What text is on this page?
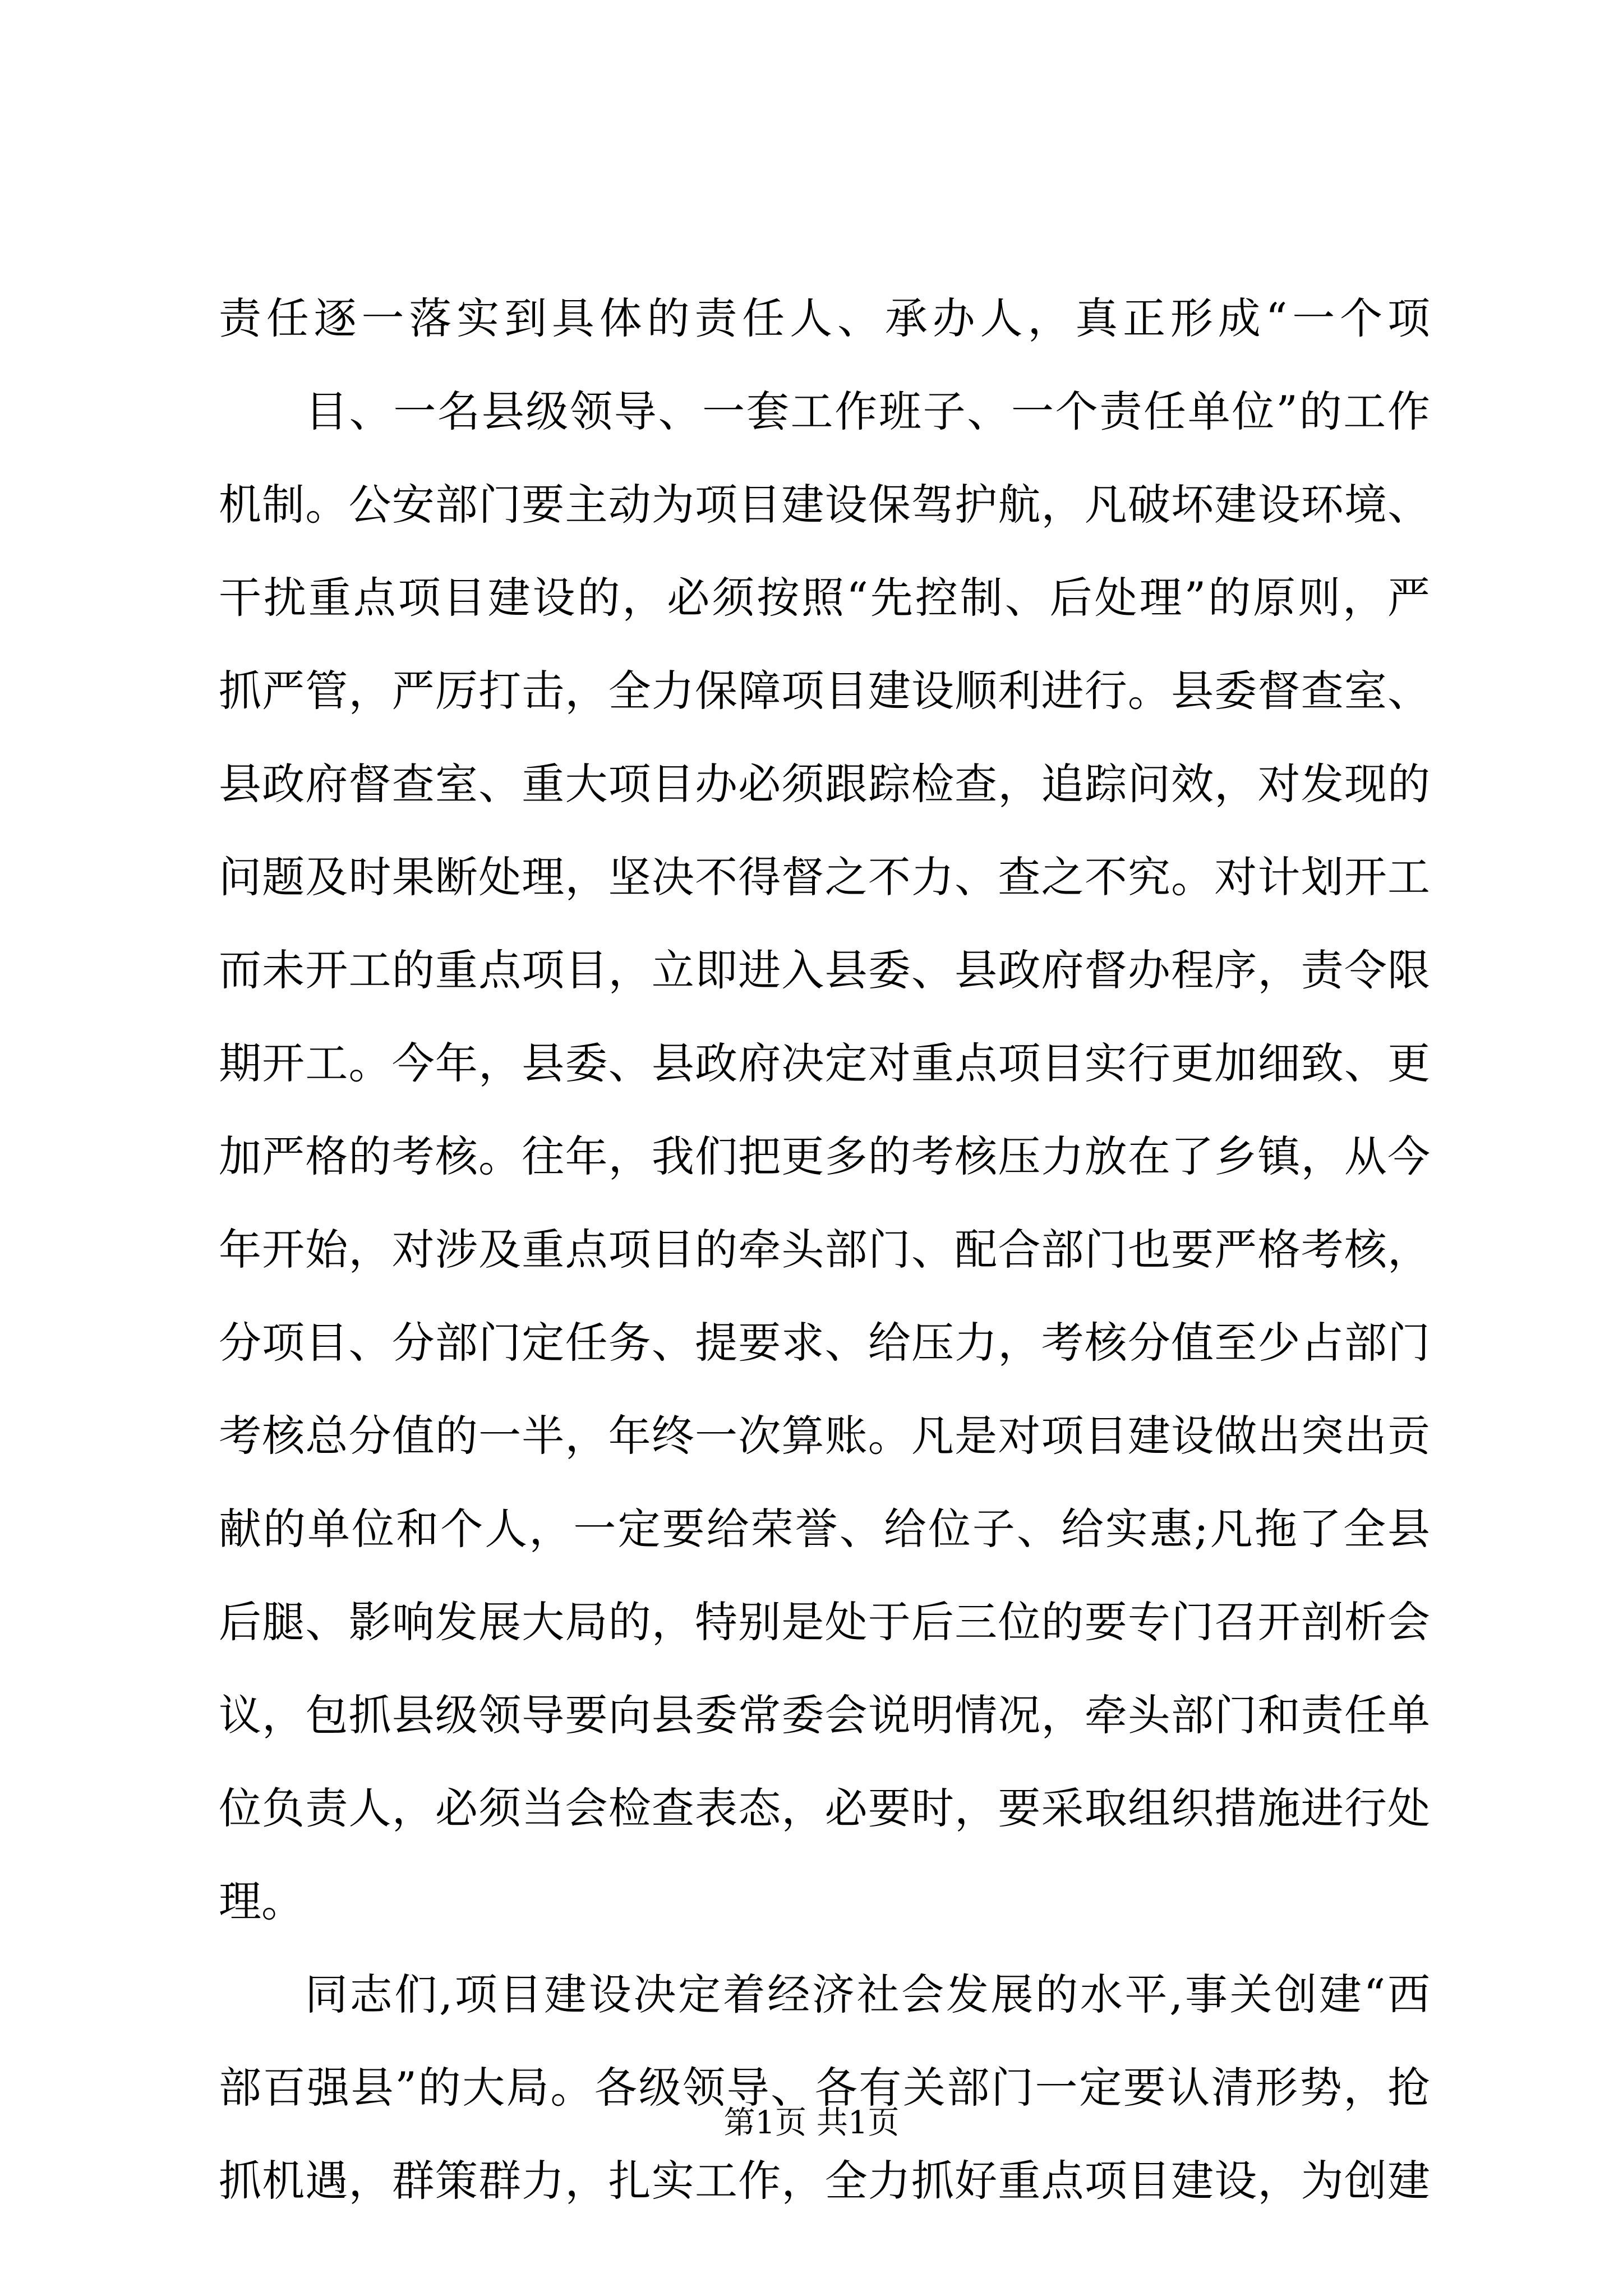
责任逐一落实到具体的责任人、承办人，真正形成“一个项
目、一名县级领导、一套工作班子、一个责任单位”的工作
机制。公安部门要主动为项目建设保驾护航，凡破坏建设环境、
干扰重点项目建设的，必须按照“先控制、后处理”的原则，严
抓严管，严厉打击，全力保障项目建设顺利进行。县委督查室、
县政府督查室、重大项目办必须跟踪检查，追踪问效，对发现的
问题及时果断处理，坚决不得督之不力、查之不究。对计划开工
而未开工的重点项目，立即进入县委、县政府督办程序，责令限
期开工。今年，县委、县政府决定对重点项目实行更加细致、更
加严格的考核。往年，我们把更多的考核压力放在了乡镇，从今
年开始，对涉及重点项目的牵头部门、配合部门也要严格考核，
分项目、分部门定任务、提要求、给压力，考核分值至少占部门
考核总分值的一半，年终一次算账。凡是对项目建设做出突出贡
献的单位和个人，一定要给荣誉、给位子、给实惠;凡拖了全县
后腿、影响发展大局的，特别是处于后三位的要专门召开剖析会
议，包抓县级领导要向县委常委会说明情况，牵头部门和责任单
位负责人，必须当会检查表态，必要时，要采取组织措施进行处
理。
同志们,项目建设决定着经济社会发展的水平,事关创建“西
部百强县”的大局。各级领导、各有关部门一定要认清形势，抢
抓机遇，群策群力，扎实工作，全力抓好重点项目建设，为创建
第1页 共1页
